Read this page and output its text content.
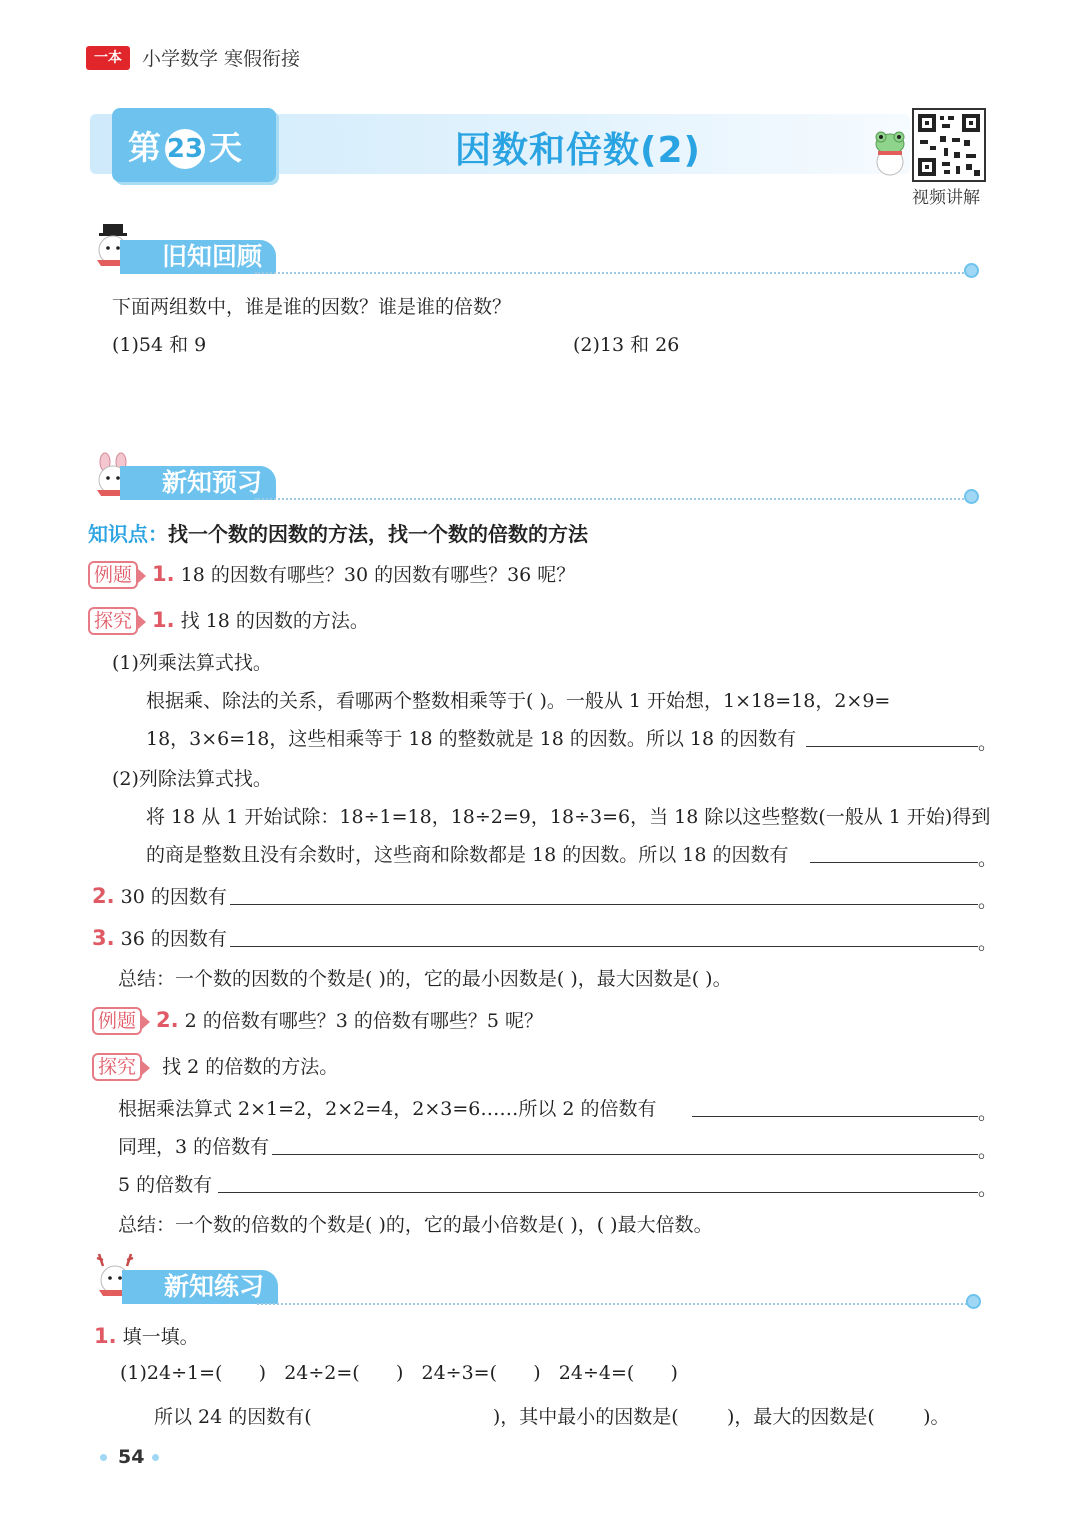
一本	小学数学 寒假衔接
第 23 天	因数和倍数(2)
视频讲解
旧知回顾
下面两组数中，谁是谁的因数？谁是谁的倍数？
(1)54 和 9	(2)13 和 26
新知预习
知识点：找一个数的因数的方法，找一个数的倍数的方法
例题 1. 18 的因数有哪些？30 的因数有哪些？36 呢？
探究 1. 找 18 的因数的方法。
(1)列乘法算式找。
根据乘、除法的关系，看哪两个整数相乘等于( )。一般从 1 开始想，1×18=18，2×9=
18，3×6=18，这些相乘等于 18 的整数就是 18 的因数。所以 18 的因数有	。
(2)列除法算式找。
将 18 从 1 开始试除：18÷1=18，18÷2=9，18÷3=6，当 18 除以这些整数(一般从 1 开始)得到
的商是整数且没有余数时，这些商和除数都是 18 的因数。所以 18 的因数有	。
2. 30 的因数有	。
3. 36 的因数有	。
总结：一个数的因数的个数是( )的，它的最小因数是( )，最大因数是( )。
例题 2. 2 的倍数有哪些？3 的倍数有哪些？5 呢？
探究 找 2 的倍数的方法。
根据乘法算式 2×1=2，2×2=4，2×3=6……所以 2 的倍数有	。
同理，3 的倍数有	。
5 的倍数有	。
总结：一个数的倍数的个数是( )的，它的最小倍数是( )，( )最大倍数。
新知练习
1. 填一填。
(1)24÷1=(      )   24÷2=(      )   24÷3=(      )   24÷4=(      )
所以 24 的因数有(                              )，其中最小的因数是(        )，最大的因数是(        )。
54
